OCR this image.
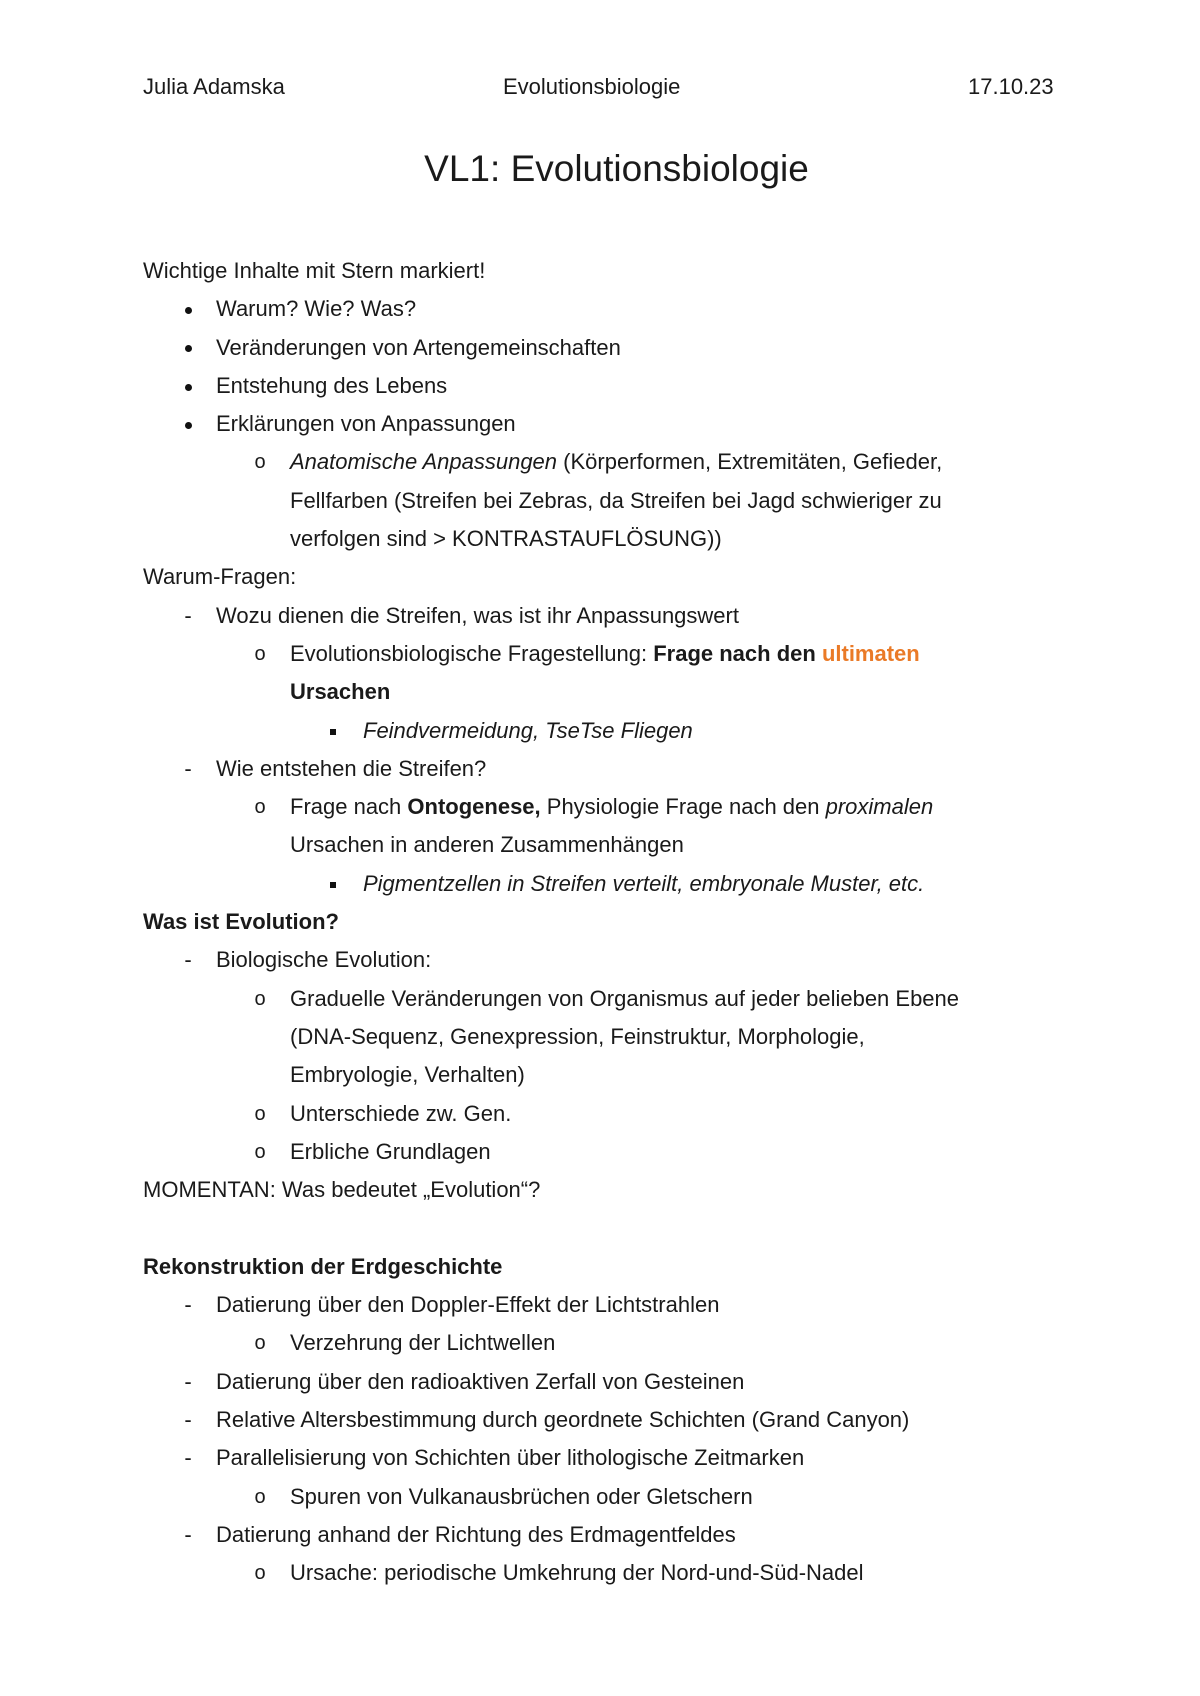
Julia Adamska	Evolutionsbiologie	17.10.23
VL1: Evolutionsbiologie
Wichtige Inhalte mit Stern markiert!
Warum? Wie? Was?
Veränderungen von Artengemeinschaften
Entstehung des Lebens
Erklärungen von Anpassungen
o	Anatomische Anpassungen (Körperformen, Extremitäten, Gefieder,
Fellfarben (Streifen bei Zebras, da Streifen bei Jagd schwieriger zu
verfolgen sind > KONTRASTAUFLÖSUNG))
Warum-Fragen:
-	Wozu dienen die Streifen, was ist ihr Anpassungswert
o	Evolutionsbiologische Fragestellung: Frage nach den ultimaten
Ursachen
Feindvermeidung, TseTse Fliegen
-	Wie entstehen die Streifen?
o	Frage nach Ontogenese, Physiologie Frage nach den proximalen
Ursachen in anderen Zusammenhängen
Pigmentzellen in Streifen verteilt, embryonale Muster, etc.
Was ist Evolution?
-	Biologische Evolution:
o	Graduelle Veränderungen von Organismus auf jeder belieben Ebene
(DNA-Sequenz, Genexpression, Feinstruktur, Morphologie,
Embryologie, Verhalten)
o	Unterschiede zw. Gen.
o	Erbliche Grundlagen
MOMENTAN: Was bedeutet „Evolution“?
Rekonstruktion der Erdgeschichte
-	Datierung über den Doppler-Effekt der Lichtstrahlen
o	Verzehrung der Lichtwellen
-	Datierung über den radioaktiven Zerfall von Gesteinen
-	Relative Altersbestimmung durch geordnete Schichten (Grand Canyon)
-	Parallelisierung von Schichten über lithologische Zeitmarken
o	Spuren von Vulkanausbrüchen oder Gletschern
-	Datierung anhand der Richtung des Erdmagentfeldes
o	Ursache: periodische Umkehrung der Nord-und-Süd-Nadel
